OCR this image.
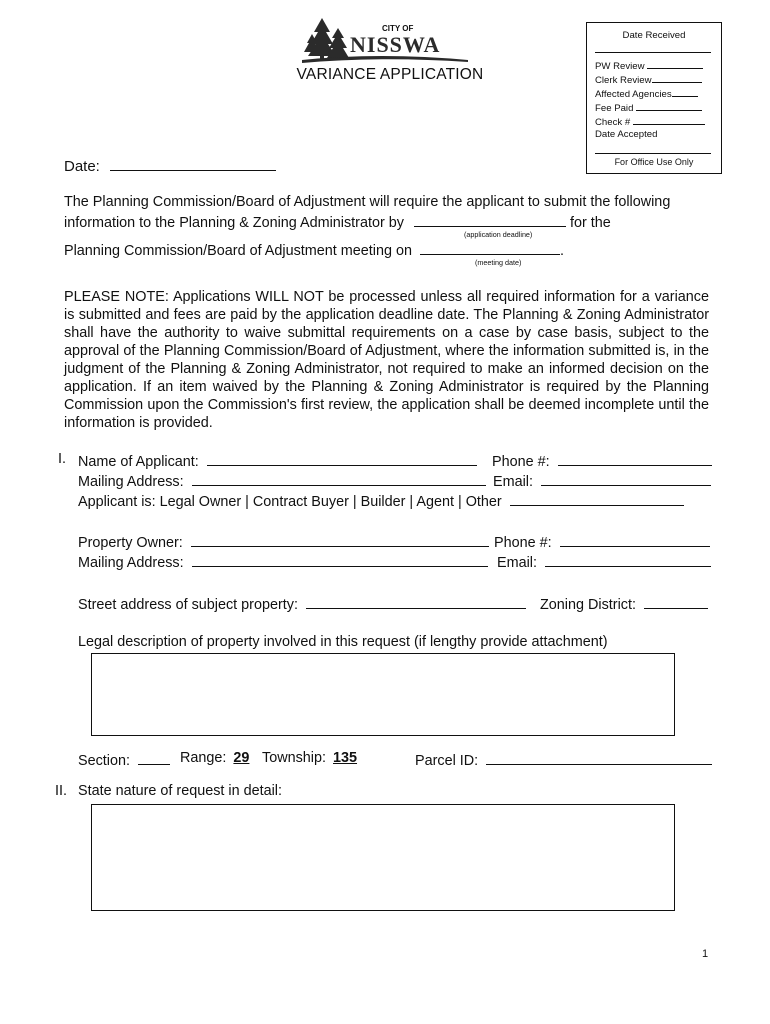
CITY OF
NISSWA
VARIANCE APPLICATION
Date Received
PW Review
Clerk Review
Affected Agencies
Fee Paid
Check #
Date Accepted
For Office Use Only
Date:
The Planning Commission/Board of Adjustment will require the applicant to submit the following
information to the Planning & Zoning Administrator by	for the
(application deadline)
Planning Commission/Board of Adjustment meeting on	.
(meeting date)
PLEASE NOTE: Applications WILL NOT be processed unless all required information for a variance is submitted and fees are paid by the application deadline date. The Planning & Zoning Administrator shall have the authority to waive submittal requirements on a case by case basis, subject to the approval of the Planning Commission/Board of Adjustment, where the information submitted is, in the judgment of the Planning & Zoning Administrator, not required to make an informed decision on the application. If an item waived by the Planning & Zoning Administrator is required by the Planning Commission upon the Commission's first review, the application shall be deemed incomplete until the information is provided.
I. Name of Applicant:	Phone #:
Mailing Address:	Email:
Applicant is: Legal Owner | Contract Buyer | Builder | Agent | Other
Property Owner:	Phone #:
Mailing Address:	Email:
Street address of subject property:	Zoning District:
Legal description of property involved in this request (if lengthy provide attachment)
Section:	Range: 29 Township: 135	Parcel ID:
II. State nature of request in detail:
1
